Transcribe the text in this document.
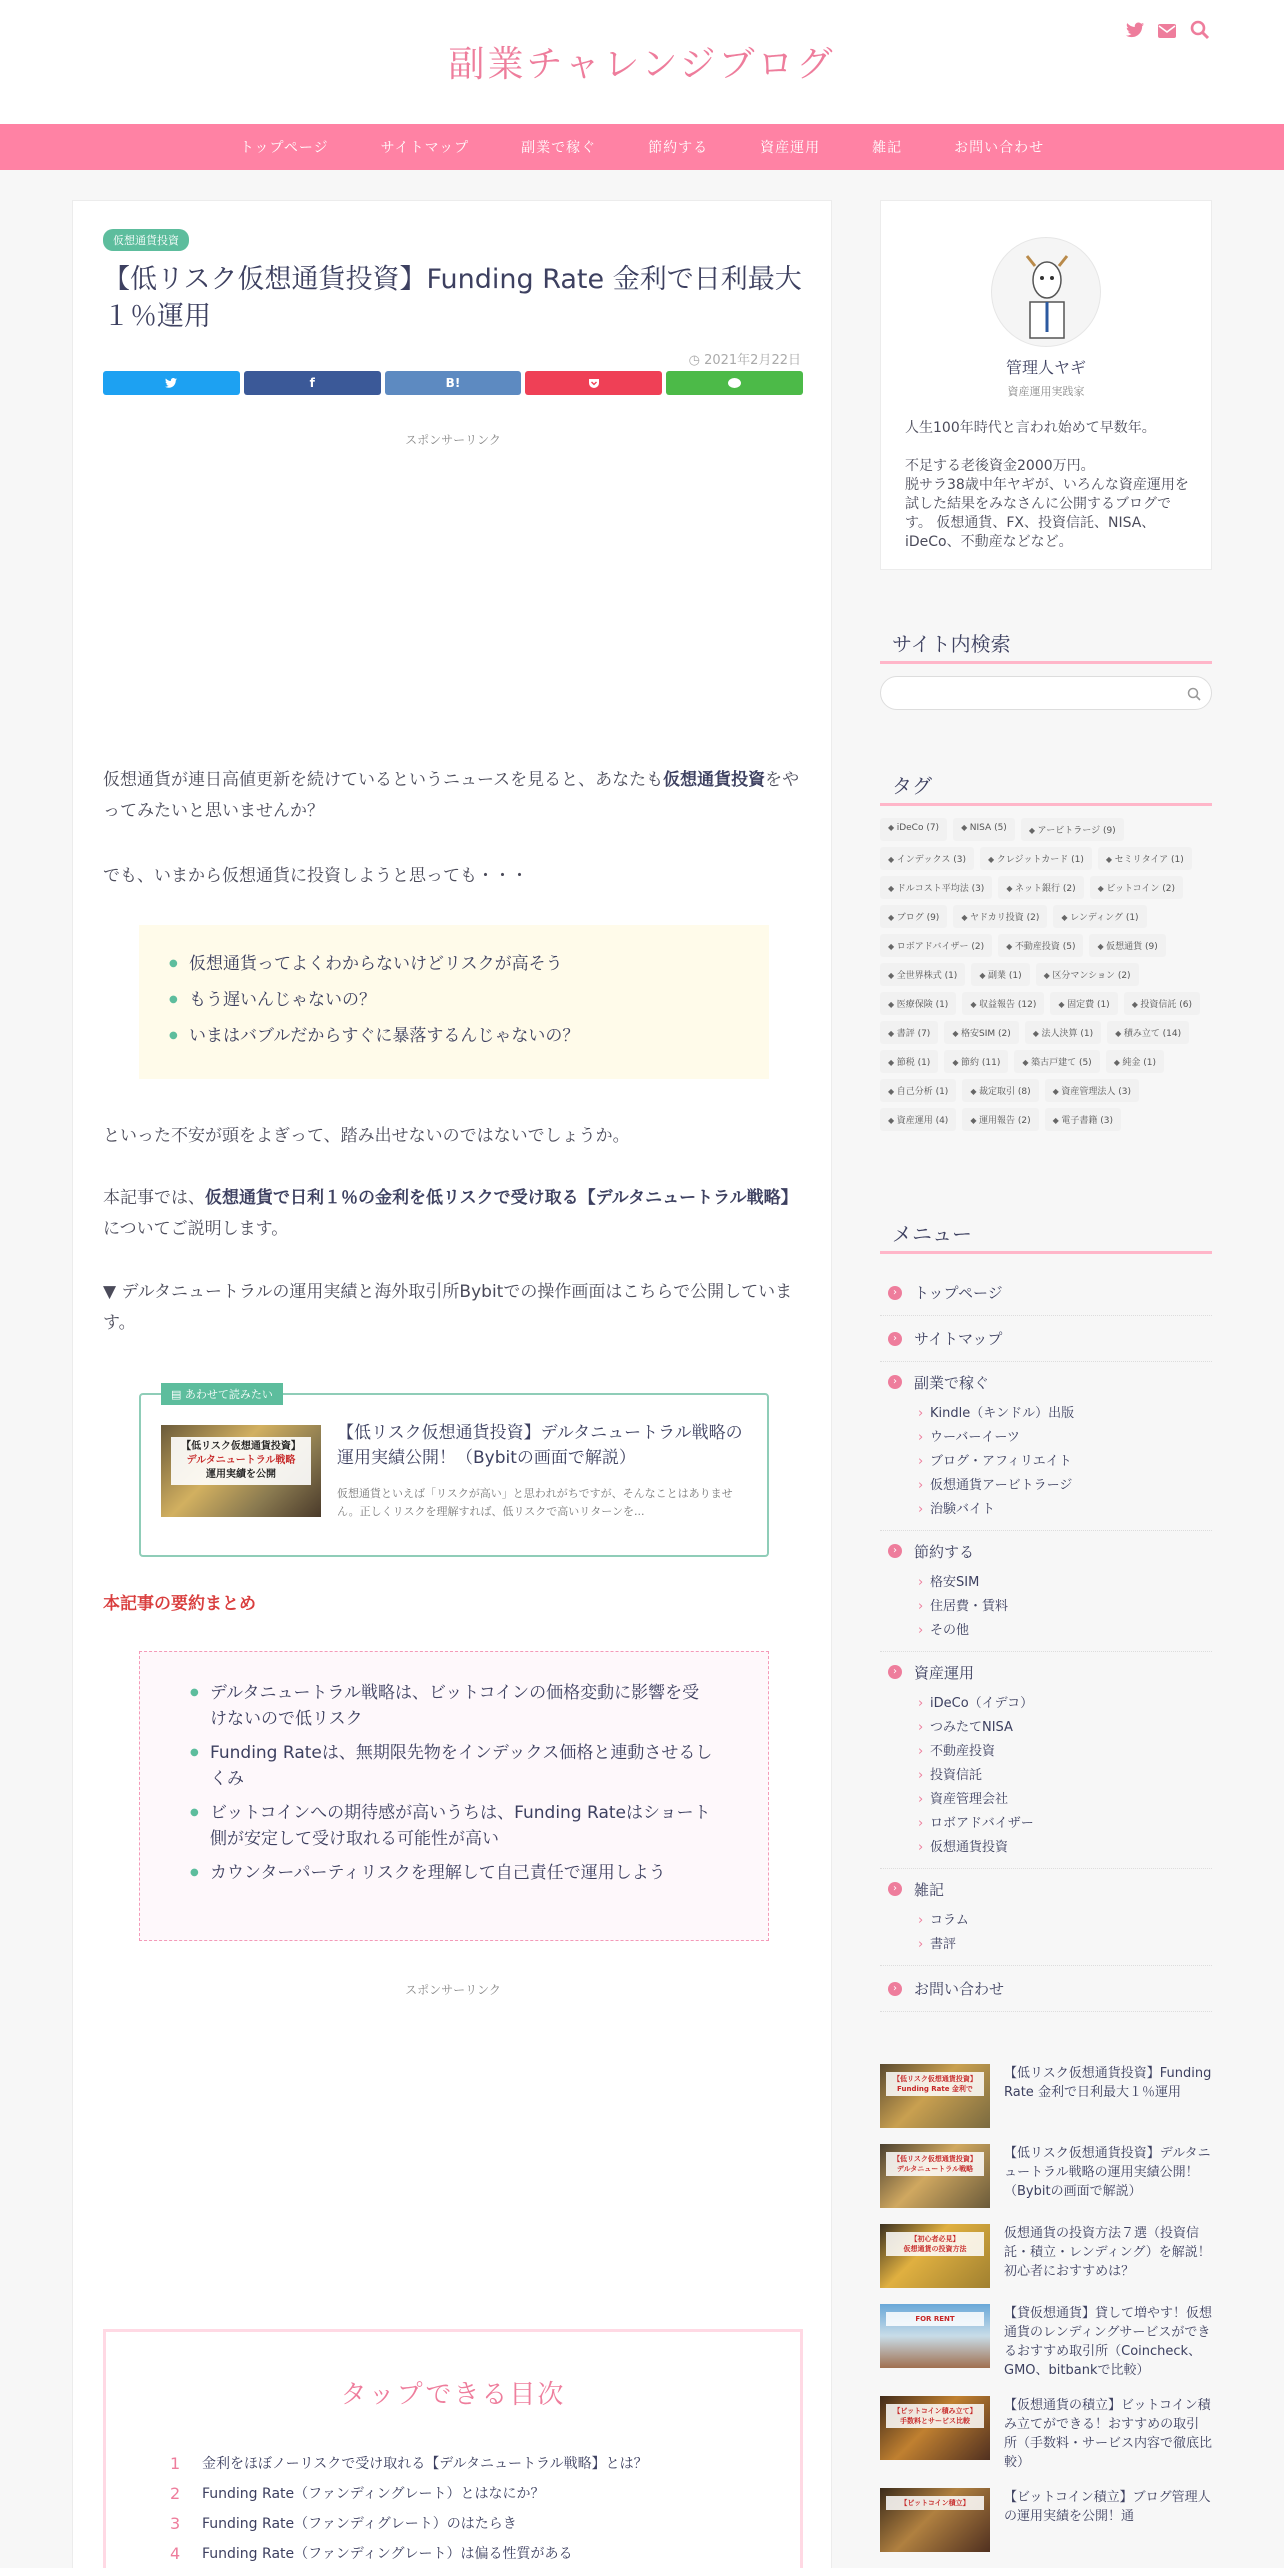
副業チャレンジブログ
トップページ	サイトマップ	副業で稼ぐ	節約する	資産運用	雑記	お問い合わせ
仮想通貨投資
【低リスク仮想通貨投資】Funding Rate 金利で日利最大１％運用
◷ 2021年2月22日
f	B!
スポンサーリンク

仮想通貨が連日高値更新を続けているというニュースを見ると、あなたも仮想通貨投資をやってみたいと思いませんか？

でも、いまから仮想通貨に投資しようと思っても・・・

● 仮想通貨ってよくわからないけどリスクが高そう
● もう遅いんじゃないの？
● いまはバブルだからすぐに暴落するんじゃないの？

といった不安が頭をよぎって、踏み出せないのではないでしょうか。

本記事では、仮想通貨で日利１％の金利を低リスクで受け取る【デルタニュートラル戦略】についてご説明します。

▼ デルタニュートラルの運用実績と海外取引所Bybitでの操作画面はこちらで公開しています。

▤ あわせて読みたい
【低リスク仮想通貨投資】
デルタニュートラル戦略
運用実績を公開
【低リスク仮想通貨投資】デルタニュートラル戦略の運用実績公開！（Bybitの画面で解説）
仮想通貨といえば「リスクが高い」と思われがちですが、そんなことはありません。正しくリスクを理解すれば、低リスクで高いリターンを...
本記事の要約まとめ
● デルタニュートラル戦略は、ビットコインの価格変動に影響を受けないので低リスク
● Funding Rateは、無期限先物をインデックス価格と連動させるしくみ
● ビットコインへの期待感が高いうちは、Funding Rateはショート側が安定して受け取れる可能性が高い
● カウンターパーティリスクを理解して自己責任で運用しよう
スポンサーリンク
タップできる目次
1	金利をほぼノーリスクで受け取れる【デルタニュートラル戦略】とは？
2	Funding Rate（ファンディングレート）とはなにか？
3	Funding Rate（ファンディグレート）のはたらき
4	Funding Rate（ファンディングレート）は偏る性質がある
管理人ヤギ
資産運用実践家
人生100年時代と言われ始めて早数年。

不足する老後資金2000万円。
脱サラ38歳中年ヤギが、いろんな資産運用を試した結果をみなさんに公開するブログです。 仮想通貨、FX、投資信託、NISA、iDeCo、不動産などなど。
サイト内検索
タグ
◆ iDeCo (7)	◆ NISA (5)	◆ アービトラージ (9)
◆ インデックス (3)	◆ クレジットカード (1)	◆ セミリタイア (1)
◆ ドルコスト平均法 (3)	◆ ネット銀行 (2)	◆ ビットコイン (2)
◆ ブログ (9)	◆ ヤドカリ投資 (2)	◆ レンディング (1)
◆ ロボアドバイザー (2)	◆ 不動産投資 (5)	◆ 仮想通貨 (9)
◆ 全世界株式 (1)	◆ 副業 (1)	◆ 区分マンション (2)
◆ 医療保険 (1)	◆ 収益報告 (12)	◆ 固定費 (1)	◆ 投資信託 (6)
◆ 書評 (7)	◆ 格安SIM (2)	◆ 法人決算 (1)	◆ 積み立て (14)
◆ 節税 (1)	◆ 節約 (11)	◆ 築古戸建て (5)	◆ 純金 (1)
◆ 自己分析 (1)	◆ 裁定取引 (8)	◆ 資産管理法人 (3)
◆ 資産運用 (4)	◆ 運用報告 (2)	◆ 電子書籍 (3)
メニュー
›	トップページ
›	サイトマップ
›	副業で稼ぐ
› Kindle（キンドル）出版
› ウーバーイーツ
› ブログ・アフィリエイト
› 仮想通貨アービトラージ
› 治験バイト
›	節約する
› 格安SIM
› 住居費・賃料
› その他
›	資産運用
› iDeCo（イデコ）
› つみたてNISA
› 不動産投資
› 投資信託
› 資産管理会社
› ロボアドバイザー
› 仮想通貨投資
›	雑記
› コラム
› 書評
›	お問い合わせ
【低リスク仮想通貨投資】
Funding Rate 金利で
【低リスク仮想通貨投資】Funding Rate 金利で日利最大１％運用
【低リスク仮想通貨投資】
デルタニュートラル戦略
【低リスク仮想通貨投資】デルタニュートラル戦略の運用実績公開！（Bybitの画面で解説）
【初心者必見】
仮想通貨の投資方法
仮想通貨の投資方法７選（投資信託・積立・レンディング）を解説！初心者におすすめは？
FOR RENT	【貸仮想通貨】貸して増やす！仮想通貨のレンディングサービスができるおすすめ取引所（Coincheck、GMO、bitbankで比較）
【ビットコイン積み立て】
手数料とサービス比較
【仮想通貨の積立】ビットコイン積み立てができる！おすすめの取引所（手数料・サービス内容で徹底比較）
【ビットコイン積立】	【ビットコイン積立】ブログ管理人の運用実績を公開！通
